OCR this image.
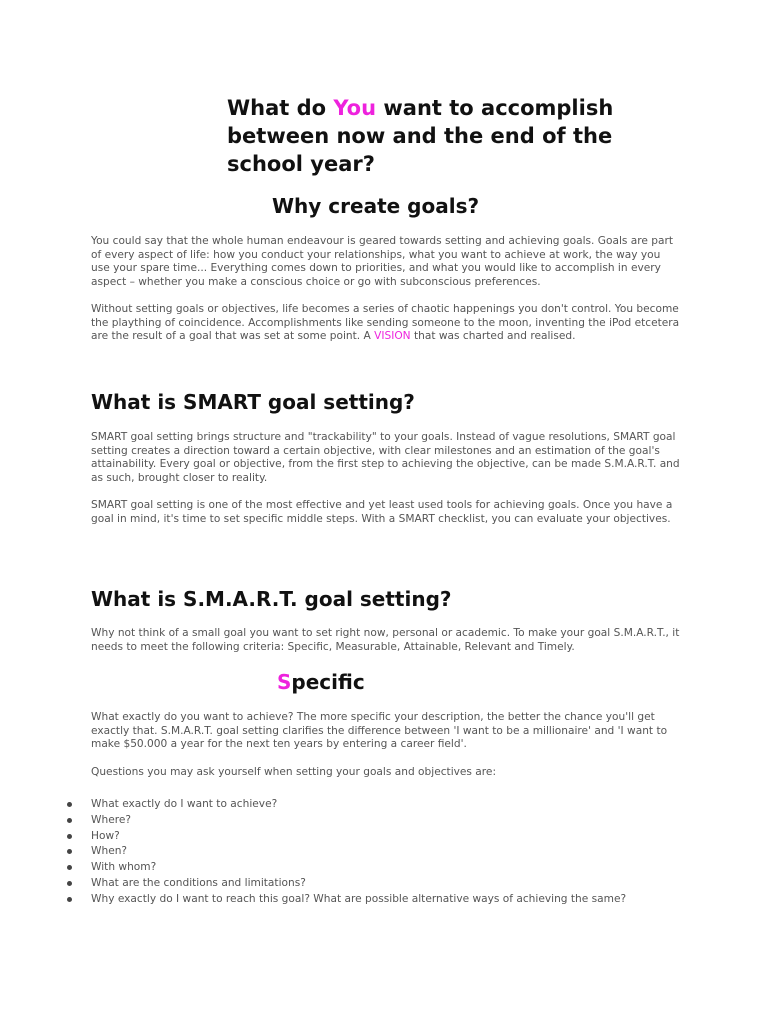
What do You want to accomplish between now and the end of the school year?
Why create goals?

You could say that the whole human endeavour is geared towards setting and achieving goals. Goals are part of every aspect of life: how you conduct your relationships, what you want to achieve at work, the way you use your spare time... Everything comes down to priorities, and what you would like to accomplish in every aspect – whether you make a conscious choice or go with subconscious preferences.

Without setting goals or objectives, life becomes a series of chaotic happenings you don't control. You become the plaything of coincidence. Accomplishments like sending someone to the moon, inventing the iPod etcetera are the result of a goal that was set at some point. A VISION that was charted and realised.

What is SMART goal setting?

SMART goal setting brings structure and "trackability" to your goals. Instead of vague resolutions, SMART goal setting creates a direction toward a certain objective, with clear milestones and an estimation of the goal's attainability. Every goal or objective, from the first step to achieving the objective, can be made S.M.A.R.T. and as such, brought closer to reality.

SMART goal setting is one of the most effective and yet least used tools for achieving goals. Once you have a goal in mind, it's time to set specific middle steps. With a SMART checklist, you can evaluate your objectives.

What is S.M.A.R.T. goal setting?

Why not think of a small goal you want to set right now, personal or academic. To make your goal S.M.A.R.T., it needs to meet the following criteria: Specific, Measurable, Attainable, Relevant and Timely.

Specific

What exactly do you want to achieve? The more specific your description, the better the chance you'll get exactly that. S.M.A.R.T. goal setting clarifies the difference between 'I want to be a millionaire' and 'I want to make $50.000 a year for the next ten years by entering a career field'.

Questions you may ask yourself when setting your goals and objectives are:

What exactly do I want to achieve?
Where?
How?
When?
With whom?
What are the conditions and limitations?
Why exactly do I want to reach this goal? What are possible alternative ways of achieving the same?
